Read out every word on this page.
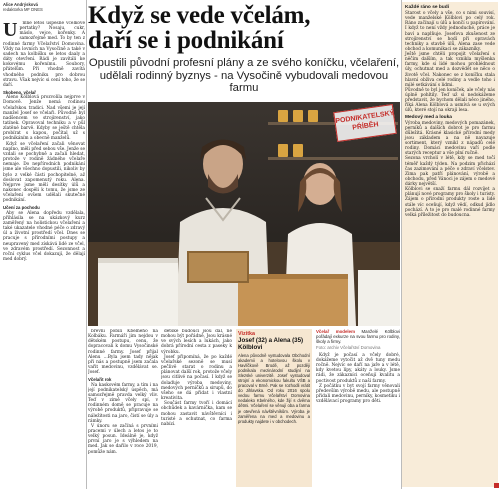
Alice Andrýsková
redaktorka MF DNES	Když se vede včelám,
daří se i podnikání
Opustili původní profesní plány a ze svého koníčku, včelaření, udělali rodinný byznys - na Vysočině vybudovali medovou farmu
U	mně letos úspěšně včelkové pertatky? Nosaju, cukr, máslo, vejce, kořenky. A samozřejmě med. To by ten z rodinné farmy Včelařství Domovina. Vždy na lovních na Vysočině a také v sadech na kolbišku se letos daaly a dáty otevření. Rádi je zavítáli ke kokovému kořenímu. Soubory, přátelům. Při vhodně zavítá vhodného podniku pro dobrou stravu. Však nejvíc si cení toho, že se daří.

Skobeno, včelař

Aleno Kölblová prozvolila nejprve v Domově. Jenže nemá rodinou včelařskou tradici. Nad všemi je její manžel Josef se včelaři. Původně byl nadšencem ve strojírenství, jako tatínek. Opravoval techniku a v půl zlatěné barvě. Kdyby se ještě chtěla probírat s kapou, počítal už s podnikáním a obecně manželů.

Když se včelaření začali věnovat naplno, měli před sebou vše. Jenže se vzdali se pochybně a začali hledat, protože v rodině žádného včelaře nemaje. Do nepřírodních podnikání jsme ale všechno dopustili, nikoliv by bylo z velké části pochopitelné, až doslovat zapomenutý roku. Alena. Nejprve jsme mělí desítky úlů a nakonec dospěli k tomu, že jsme ze včelaření ovšem udělali skutečné podnikání.

Učení za pochodu

Aby se Alena dopředu vzdělala, přihlásila se na ukázkový kurz zaměřený na holistickou včelaření a také ukazatele vhodné péče o zdravý úl a životní prostředí včel. Dnes se pracuje s přírodními postupy a neupravený med získává lidé ze včel, ve zdravém prostředí. Sezonnost a roční cyklus včel dokazují, že dělají med dobrý.

PODNIKATELSKÝ PŘÍBĚH

břevní pobilí Kbelného na Kolbáku. Farmáři jim nejdou v dětském postupu, cenu, že dopracovali k domu Vysočinské rodinné farmy. Josef přijal Alenu ...Byla jsem tady nějak při nás a postupně jsem začala vařit medovinu, vzdělávat se. Josef.

Včelařit rok

Na kaskovém farmy, a tím i na její podnikatelský úspěch, má samozřejmě pravda velký vliv. Teď v zimě včely spí, v rodinném domě se pracuje na výrobě produktů, připravuje se náležitosti na jaro, čistí se úly a rámky.

V únoru se začíná s prvními pracemi v úlech a letos je to velký posun. Ideálně je, když první jaro je s výhledem na med. Jak se dařilo v roce 2019, pomůže nám.

dětské budoucí jsou dál, ne mohou být pořádně, Jsou krásné ve svých lesích a lukách, jako dobrá přírodní cesta z paseky k výrobku.

Josef připomíná, že po každé včelařské sezoně se musí pečlivě starat o rodinu a plánovat další rok, protože včely jsou citlivé na počasí. I když se dolaďuje výroba medoviny, medových perníčků a sirupů, do všeho se dá přidat i vlastní kreativita.

Součást farmy tvoří i domácí obchůdek a kavárnička, kam se mohou zastavit návštěvníci i turisté a ochutnat, co farma nabízí.

Vizitka
Josef (32) a Alena (35) Kölblovi
Alena původně vystudovala Obchodní akademii a hotelovou školu v Havlíčkově Brodě, až později podnikala mezinárodní studijní na Slezské univerzitě. Josef vystudoval strojní a ekonomickou fakultu VŠB a pracoval v Brně. Pak se rozhodli vrátit do Jihlavska. Od roku 2016 spolu vedou farmu Včelařství Domovina nedaleko Kbelného, kde žijí s dvěma dětmi. Včelaření se věnují oba a farma je otevřená návštěvníkům. Výroba je zaměřena na med a medovinu a produkty najdete i v obchodech.
Včelař modelem Manželé Kölblovi pořádají exkurze na svou farmu pro rodiny, školy a firmy.
Foto: archiv Včelařství Domovina

Když je počasí a včely dobré, dokážeme vytočit až dvě tuny medu ročně. Nejvíc se daří na jaře a v létě, kdy kvetou lípy, akáty a louky. Jsme rádi, že zákazníci oceňují kvalitu a poctivost produktů z naší farmy.

Z počátku v byt svojí farmy věnovali především výrobě medu, ale postupně přidali medovinu, perníky, kosmetiku i vzdělávací programy pro děti.

Každé ráno se budí

Starost o včely a vše, co s nimi souvisí, vede manželské Kölblovi po celý rok. Ráno začínají u úlů a končí u papírování. I když to není vždy jednoduché, práce je baví a naplňuje. Josefova zkušenost ze strojírenství se hodí při opravách techniky a stavbě úlů, Alena zase vede obchod a komunikaci se zákazníky.

Ještě jsme chtěli propojit včelaření s něčím dalším, a tak vznikla myšlenka farmy, kde si lidé mohou prohlédnout úly, ochutnat med a dozvědět se něco o životě včel. Nakonec se z koníčku stala hlavní obživa celé rodiny a vedle toho i milé setkávání s lidmi.

Původně to byl jen koníček, ale včely nás úplně pohltily. Teď už si nedokážeme představit, že bychom dělali něco jiného, říká Alena Kölblová a usmívá se u svých úlů, které stojí na okraji lesa.

Medový med a louka

Výroba medoviny, medových pomazánek, perníků a dalších dobrot je pro farmu důležitá. Krásné klasické přírodní medy jsou základem a na ně navazuje sortiment, který vznikl z nápadů celé rodiny. Domácí medovinu vaří podle starých receptur a vše plní ručně.

Sezona vrcholí v létě, kdy se med točí téměř každý týden. Na podzim přichází čas zazimování a péče o zdraví včelstev. Zima pak patří plánování, výrobě a obchodu, před Vánoci je zájem o medové dárky největší.

Kölblovi se snaží farmu dál rozvíjet a plánují nové programy pro školy i turisty. Zájem o přírodní produkty roste a lidé stále víc oceňují, když vědí, odkud jídlo pochází. A to je pro malé rodinné farmy velká příležitost do budoucna.
